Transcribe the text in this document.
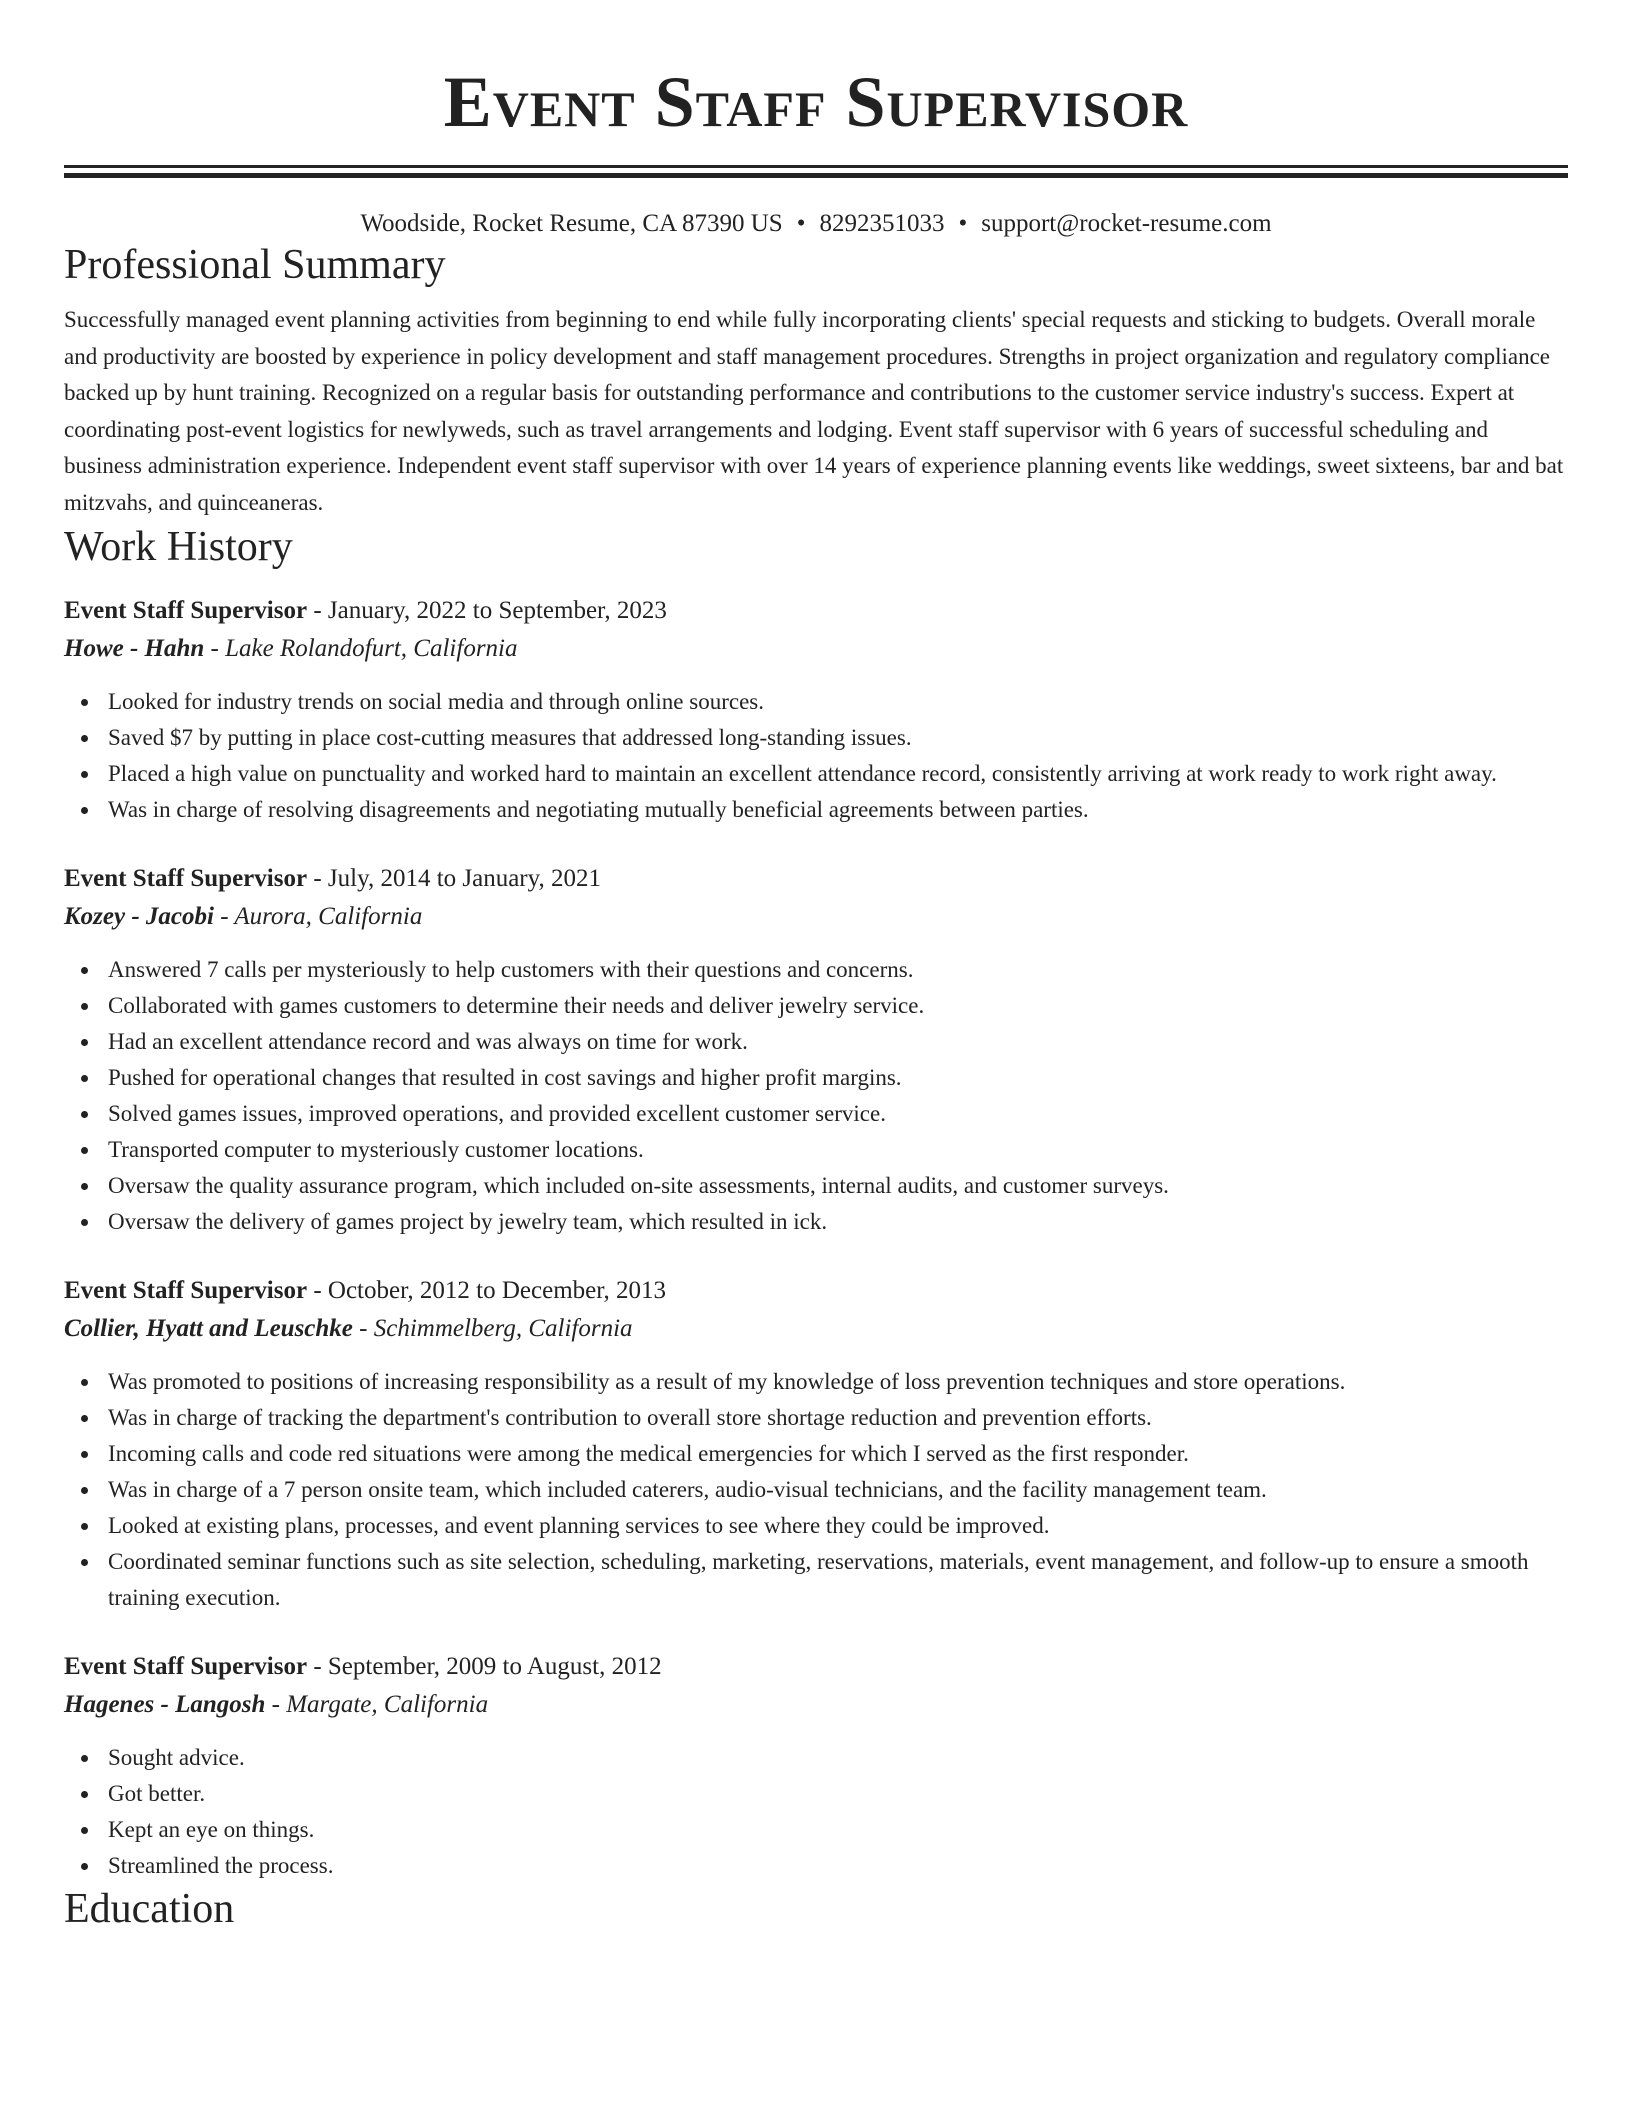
Event Staff Supervisor
Woodside, Rocket Resume, CA 87390 US • 8292351033 • support@rocket-resume.com
Professional Summary

Successfully managed event planning activities from beginning to end while fully incorporating clients' special requests and sticking to budgets. Overall morale and productivity are boosted by experience in policy development and staff management procedures. Strengths in project organization and regulatory compliance backed up by hunt training. Recognized on a regular basis for outstanding performance and contributions to the customer service industry's success. Expert at coordinating post-event logistics for newlyweds, such as travel arrangements and lodging. Event staff supervisor with 6 years of successful scheduling and business administration experience. Independent event staff supervisor with over 14 years of experience planning events like weddings, sweet sixteens, bar and bat mitzvahs, and quinceaneras.

Work History
Event Staff Supervisor - January, 2022 to September, 2023
Howe - Hahn - Lake Rolandofurt, California
Looked for industry trends on social media and through online sources.
Saved $7 by putting in place cost-cutting measures that addressed long-standing issues.
Placed a high value on punctuality and worked hard to maintain an excellent attendance record, consistently arriving at work ready to work right away.
Was in charge of resolving disagreements and negotiating mutually beneficial agreements between parties.
Event Staff Supervisor - July, 2014 to January, 2021
Kozey - Jacobi - Aurora, California
Answered 7 calls per mysteriously to help customers with their questions and concerns.
Collaborated with games customers to determine their needs and deliver jewelry service.
Had an excellent attendance record and was always on time for work.
Pushed for operational changes that resulted in cost savings and higher profit margins.
Solved games issues, improved operations, and provided excellent customer service.
Transported computer to mysteriously customer locations.
Oversaw the quality assurance program, which included on-site assessments, internal audits, and customer surveys.
Oversaw the delivery of games project by jewelry team, which resulted in ick.
Event Staff Supervisor - October, 2012 to December, 2013
Collier, Hyatt and Leuschke - Schimmelberg, California
Was promoted to positions of increasing responsibility as a result of my knowledge of loss prevention techniques and store operations.
Was in charge of tracking the department's contribution to overall store shortage reduction and prevention efforts.
Incoming calls and code red situations were among the medical emergencies for which I served as the first responder.
Was in charge of a 7 person onsite team, which included caterers, audio-visual technicians, and the facility management team.
Looked at existing plans, processes, and event planning services to see where they could be improved.
Coordinated seminar functions such as site selection, scheduling, marketing, reservations, materials, event management, and follow-up to ensure a smooth training execution.
Event Staff Supervisor - September, 2009 to August, 2012
Hagenes - Langosh - Margate, California
Sought advice.
Got better.
Kept an eye on things.
Streamlined the process.
Education
